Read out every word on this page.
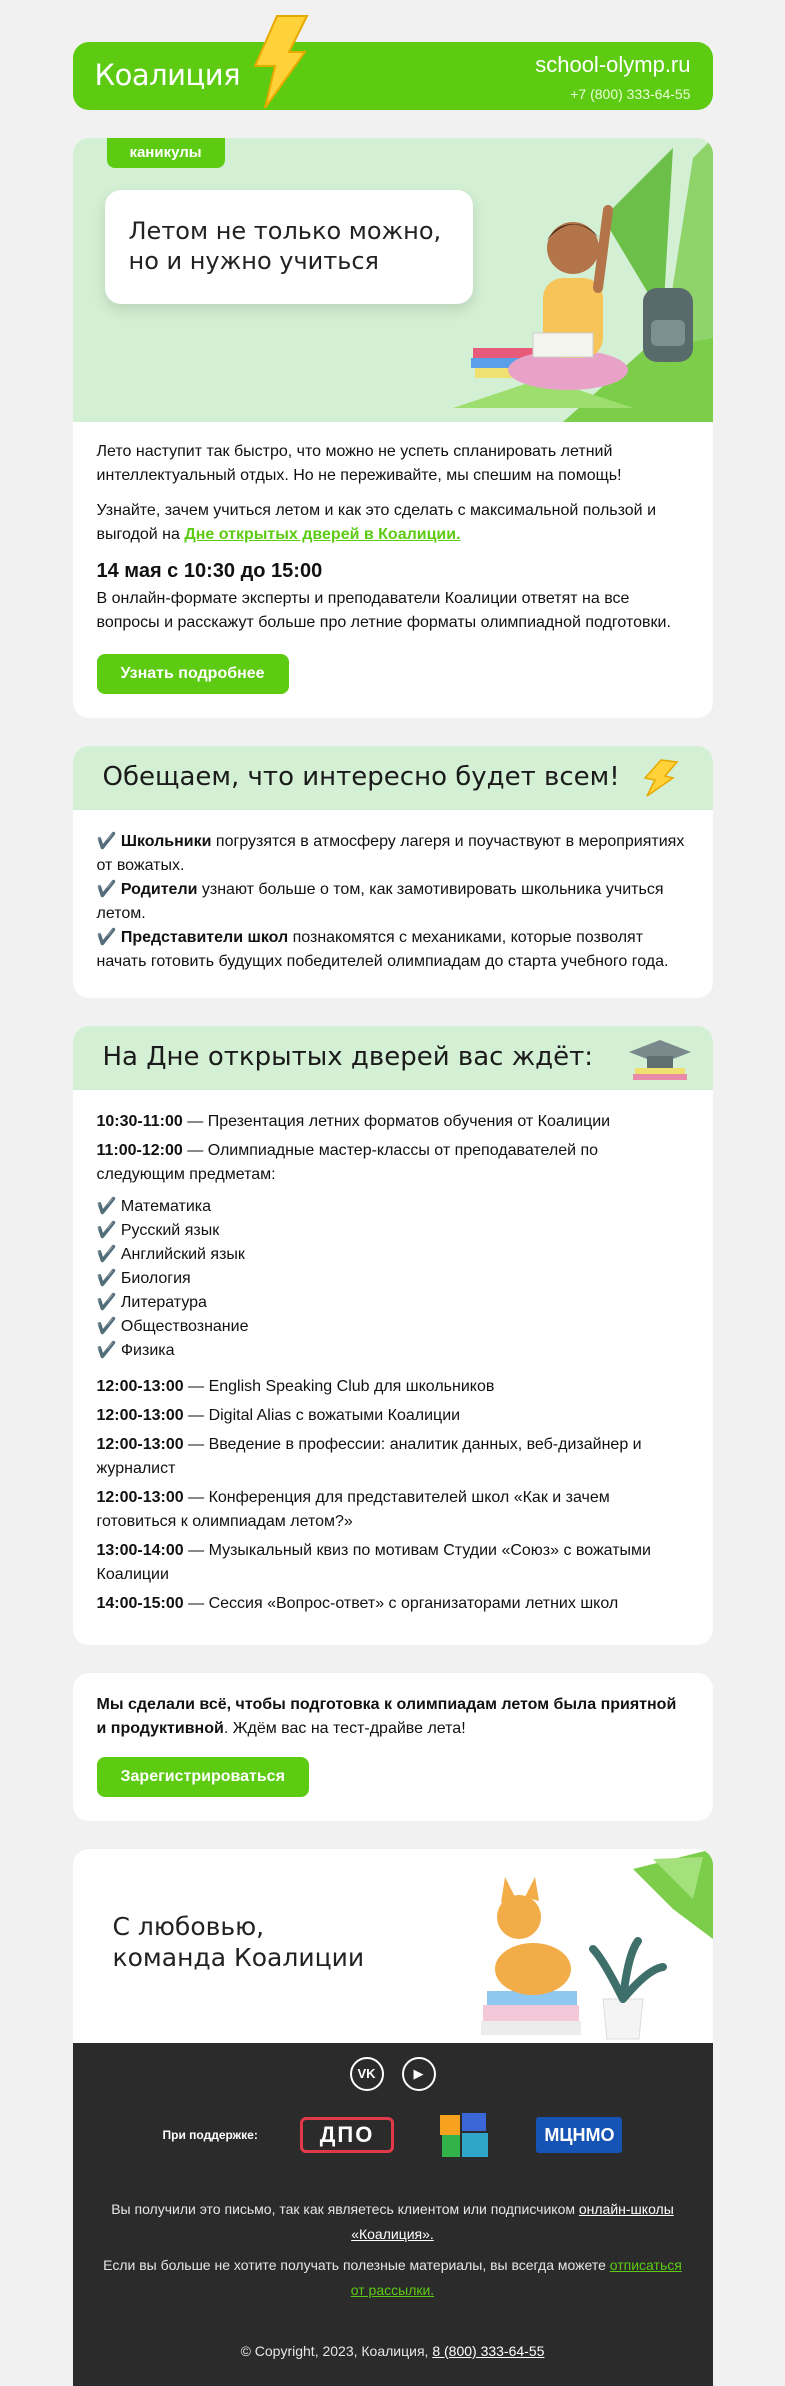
Коалиция	school-olymp.ru
+7 (800) 333-64-55
каникулы
Летом не только можно,
но и нужно учиться

Лето наступит так быстро, что можно не успеть спланировать летний интеллектуальный отдых. Но не переживайте, мы спешим на помощь!

Узнайте, зачем учиться летом и как это сделать с максимальной пользой и выгодой на Дне открытых дверей в Коалиции.

14 мая с 10:30 до 15:00

В онлайн-формате эксперты и преподаватели Коалиции ответят на все вопросы и расскажут больше про летние форматы олимпиадной подготовки.

Узнать подробнее
Обещаем, что интересно будет всем!
✔️ Школьники погрузятся в атмосферу лагеря и поучаствуют в мероприятиях от вожатых.
✔️ Родители узнают больше о том, как замотивировать школьника учиться летом.
✔️ Представители школ познакомятся с механиками, которые позволят начать готовить будущих победителей олимпиадам до старта учебного года.
На Дне открытых дверей вас ждёт:

10:30-11:00 — Презентация летних форматов обучения от Коалиции

11:00-12:00 — Олимпиадные мастер-классы от преподавателей по следующим предметам:

✔️ Математика
✔️ Русский язык
✔️ Английский язык
✔️ Биология
✔️ Литература
✔️ Обществознание
✔️ Физика

12:00-13:00 — English Speaking Club для школьников

12:00-13:00 — Digital Alias с вожатыми Коалиции

12:00-13:00 — Введение в профессии: аналитик данных, веб-дизайнер и журналист

12:00-13:00 — Конференция для представителей школ «Как и зачем готовиться к олимпиадам летом?»

13:00-14:00 — Музыкальный квиз по мотивам Студии «Союз» с вожатыми Коалиции

14:00-15:00 — Сессия «Вопрос-ответ» с организаторами летних школ

Мы сделали всё, чтобы подготовка к олимпиадам летом была приятной и продуктивной. Ждём вас на тест-драйве лета!

Зарегистрироваться
С любовью,
команда Коалиции
VK	▶
При поддержке:	ДПО	МЦНМО

Вы получили это письмо, так как являетесь клиентом или подписчиком онлайн-школы «Коалиция».

Если вы больше не хотите получать полезные материалы, вы всегда можете отписаться от рассылки.

© Copyright, 2023, Коалиция, 8 (800) 333-64-55
